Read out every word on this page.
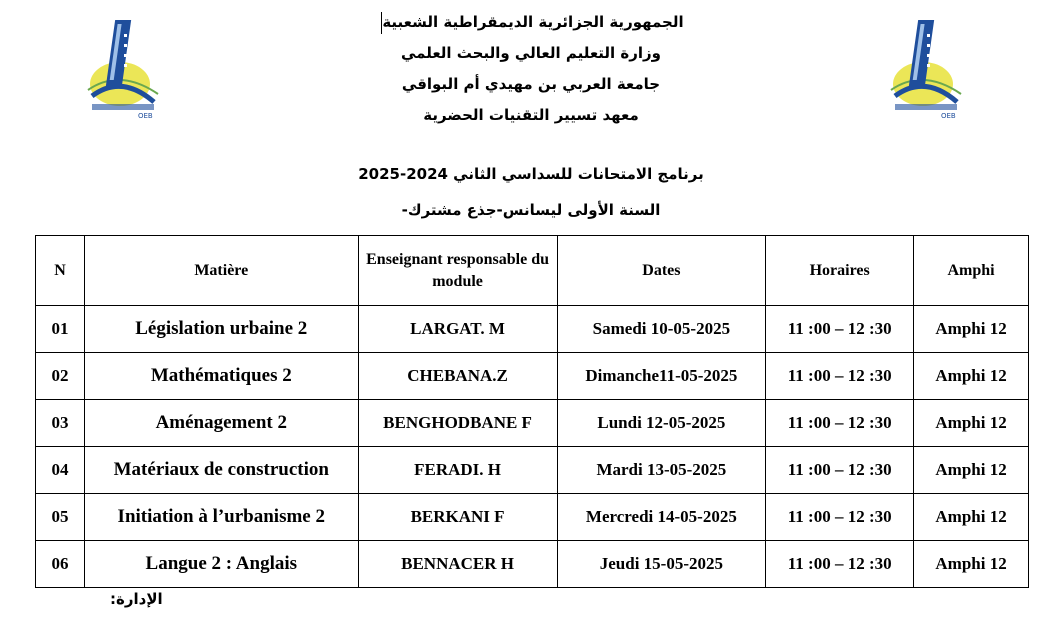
OEB	OEB
الجمهورية الجزائرية الديمقراطية الشعبية
وزارة التعليم العالي والبحث العلمي
جامعة العربي بن مهيدي أم البواقي
معهد تسيير التقنيات الحضرية
برنامج الامتحانات للسداسي الثاني 2024-2025
السنة الأولى ليسانس-جذع مشترك-
N	Matière	Enseignant responsable du module	Dates	Horaires	Amphi
01	Législation urbaine 2	LARGAT. M	Samedi 10-05-2025	11 :00 – 12 :30	Amphi 12
02	Mathématiques 2	CHEBANA.Z	Dimanche11-05-2025	11 :00 – 12 :30	Amphi 12
03	Aménagement 2	BENGHODBANE F	Lundi 12-05-2025	11 :00 – 12 :30	Amphi 12
04	Matériaux de construction	FERADI. H	Mardi 13-05-2025	11 :00 – 12 :30	Amphi 12
05	Initiation à l’urbanisme 2	BERKANI F	Mercredi 14-05-2025	11 :00 – 12 :30	Amphi 12
06	Langue 2 : Anglais	BENNACER H	Jeudi 15-05-2025	11 :00 – 12 :30	Amphi 12
الإدارة:
